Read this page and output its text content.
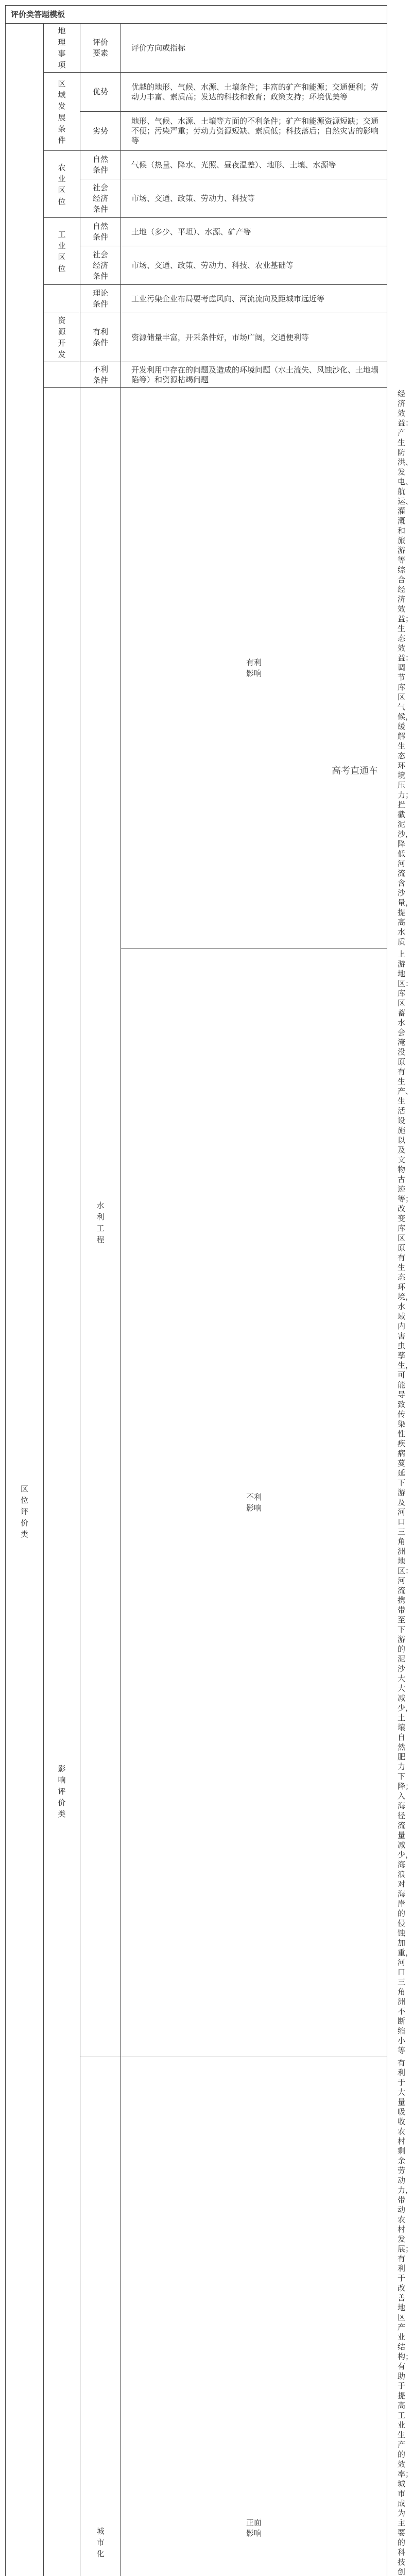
评价类答题模板				
区位评价类	地理事项	评价要素	评价方向或指标	
	区域发展条件	优势	优越的地形、气候、水源、土壤条件；丰富的矿产和能源；交通便利；劳动力丰富、素质高；发达的科技和教育；政策支持；环境优美等	
		劣势	地形、气候、水源、土壤等方面的不利条件；矿产和能源资源短缺；交通不便；污染严重；劳动力资源短缺、素质低；科技落后；自然灾害的影响等	
	农业区位	自然条件	气候（热量、降水、光照、昼夜温差）、地形、土壤、水源等	
		社会经济条件	市场、交通、政策、劳动力、科技等	
	工业区位	自然条件	土地（多少、平坦）、水源、矿产等	
		社会经济条件	市场、交通、政策、劳动力、科技、农业基础等	
		理论条件	工业污染企业布局要考虑风向、河流流向及距城市远近等	
	资源开发	有利条件	资源储量丰富，开采条件好，市场广阔，交通便利等	
		不利条件	开发利用中存在的问题及造成的环境问题（水土流失、风蚀沙化、土地塌陷等）和资源枯竭问题	
	影响评价类	水利工程	有利影响	经济效益：产生防洪、发电、航运、灌溉和旅游等综合经济效益；
生态效益：调节库区气候，缓解生态环境压力；拦截泥沙，降低河流含沙量，提高水质

			不利影响	上游地区：库区蓄水会淹没原有生产、生活设施以及文物古迹等；改变库区原有生态环境，水域内害虫孳生，可能导致传染性疾病蔓延
下游及河口三角洲地区：河流携带至下游的泥沙大大减少，土壤自然肥力下降；入海径流量减少，海浪对海岸的侵蚀加重，河口三角洲不断缩小等

		城市化	正面影响	有利于大量吸收农村剩余劳动力，带动农村发展；有利于改善地区产业结构；有助于提高工业生产的效率；城市成为主要的科技创

高考直通车
